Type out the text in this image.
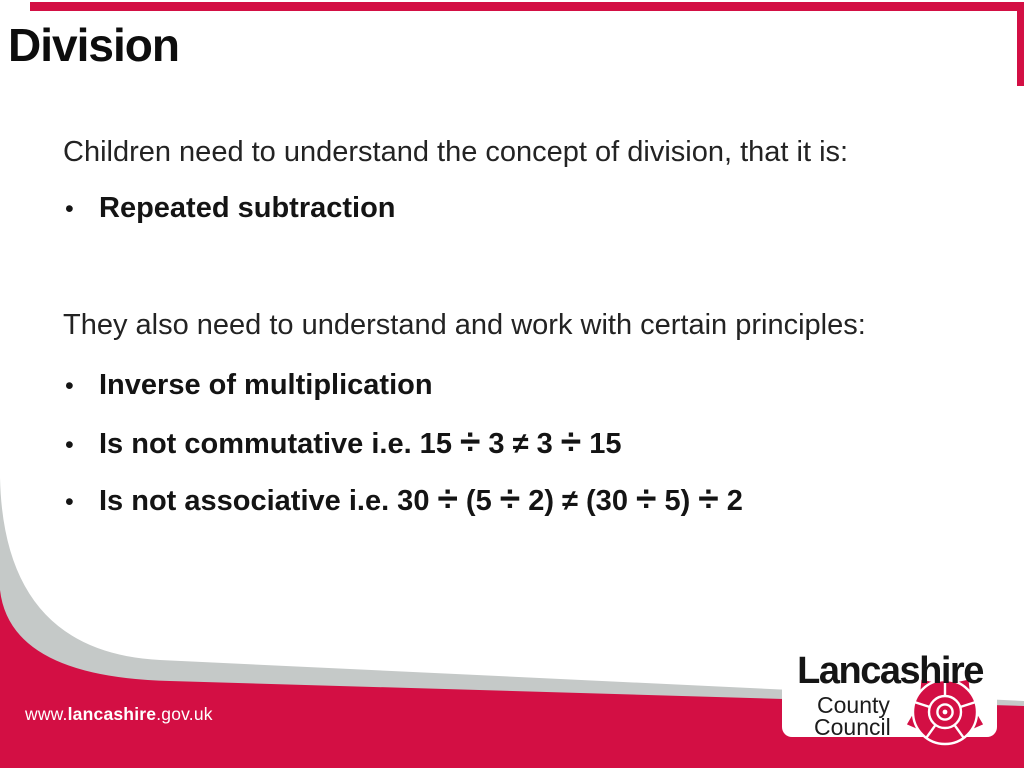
Division
Children need to understand the concept of division, that it is:
• Repeated subtraction
They also need to understand and work with certain principles:
• Inverse of multiplication
• Is not commutative i.e. 15 ÷ 3 ≠ 3 ÷ 15
• Is not associative i.e. 30 ÷ (5 ÷ 2) ≠ (30 ÷ 5) ÷ 2
www.lancashire.gov.uk
Lancashire
County
Council
